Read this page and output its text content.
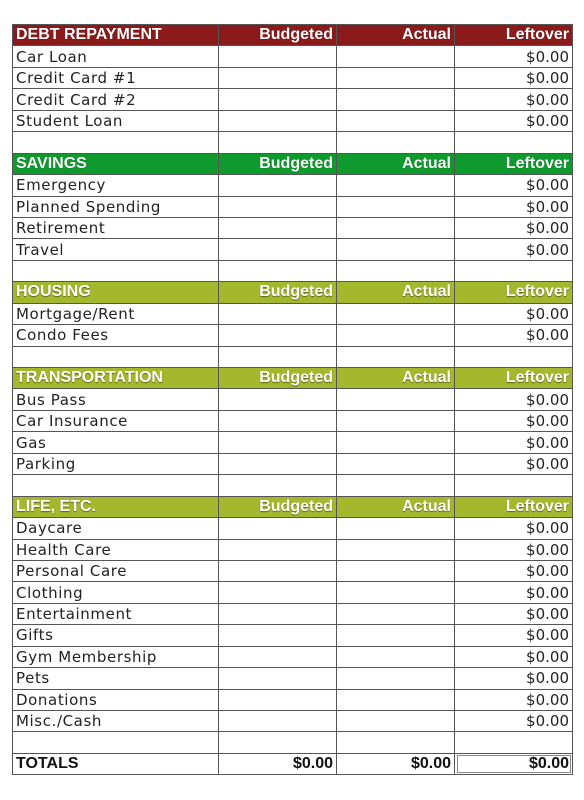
DEBT REPAYMENT	Budgeted	Actual	Leftover
Car Loan			$0.00
Credit Card #1			$0.00
Credit Card #2			$0.00
Student Loan			$0.00

SAVINGS	Budgeted	Actual	Leftover
Emergency			$0.00
Planned Spending			$0.00
Retirement			$0.00
Travel			$0.00

HOUSING	Budgeted	Actual	Leftover
Mortgage/Rent			$0.00
Condo Fees			$0.00

TRANSPORTATION	Budgeted	Actual	Leftover
Bus Pass			$0.00
Car Insurance			$0.00
Gas			$0.00
Parking			$0.00

LIFE, ETC.	Budgeted	Actual	Leftover
Daycare			$0.00
Health Care			$0.00
Personal Care			$0.00
Clothing			$0.00
Entertainment			$0.00
Gifts			$0.00
Gym Membership			$0.00
Pets			$0.00
Donations			$0.00
Misc./Cash			$0.00

TOTALS	$0.00	$0.00	$0.00
